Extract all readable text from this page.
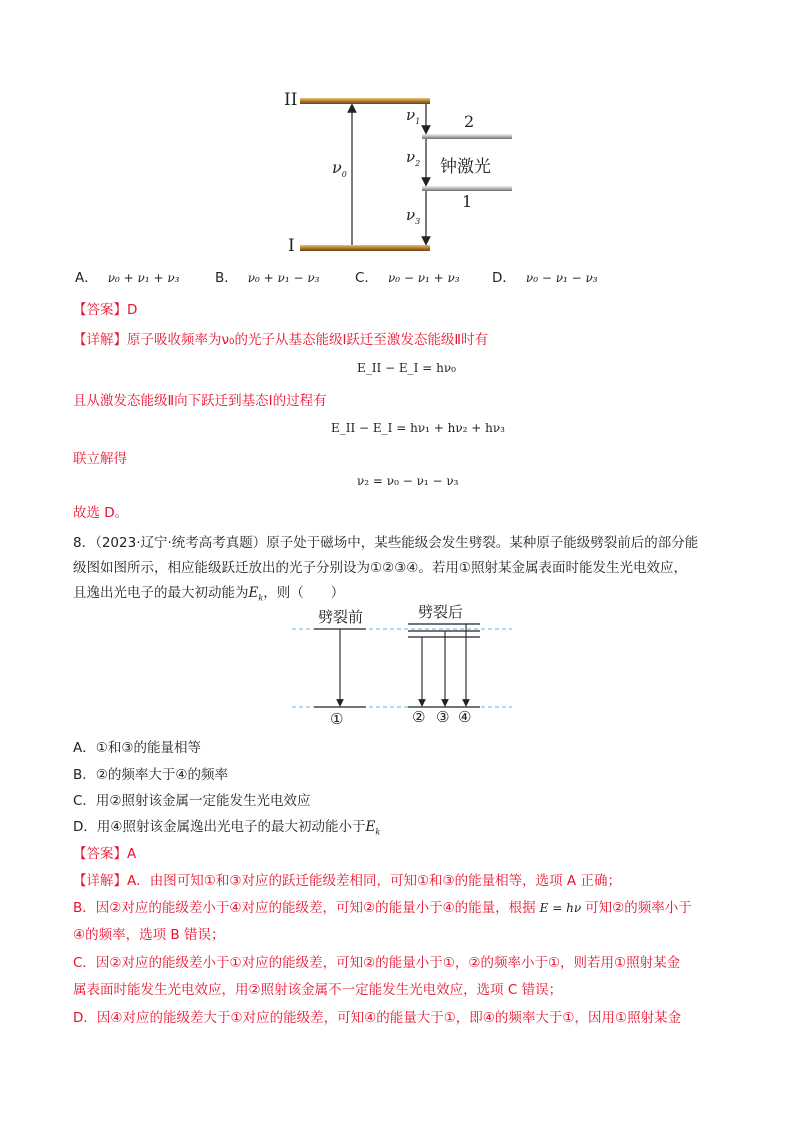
II
I
2
1
$\nu_0$
$\nu_1$
$\nu_2$
$\nu_3$
钟激光
A． ν₀ + ν₁ + ν₃	B． ν₀ + ν₁ − ν₃	C． ν₀ − ν₁ + ν₃ D． ν₀ − ν₁ − ν₃
【答案】D
【详解】原子吸收频率为ν₀的光子从基态能级Ⅰ跃迁至激发态能级Ⅱ时有
E_II − E_I = hν₀
且从激发态能级Ⅱ向下跃迁到基态Ⅰ的过程有
E_II − E_I = hν₁ + hν₂ + hν₃
联立解得
ν₂ = ν₀ − ν₁ − ν₃
故选 D。
8．（2023·辽宁·统考高考真题）原子处于磁场中，某些能级会发生劈裂。某种原子能级劈裂前后的部分能
级图如图所示，相应能级跃迁放出的光子分别设为①②③④。若用①照射某金属表面时能发生光电效应，
且逸出光电子的最大初动能为$E_k$，则（　　）
劈裂前	劈裂后
①	② ③ ④
A．①和③的能量相等
B．②的频率大于④的频率
C．用②照射该金属一定能发生光电效应
D．用④照射该金属逸出光电子的最大初动能小于$E_k$
【答案】A
【详解】A．由图可知①和③对应的跃迁能级差相同，可知①和③的能量相等，选项 A 正确；
B．因②对应的能级差小于④对应的能级差，可知②的能量小于④的能量，根据 E = hν 可知②的频率小于
④的频率，选项 B 错误；
C．因②对应的能级差小于①对应的能级差，可知②的能量小于①，②的频率小于①，则若用①照射某金
属表面时能发生光电效应，用②照射该金属不一定能发生光电效应，选项 C 错误；
D．因④对应的能级差大于①对应的能级差，可知④的能量大于①，即④的频率大于①，因用①照射某金
